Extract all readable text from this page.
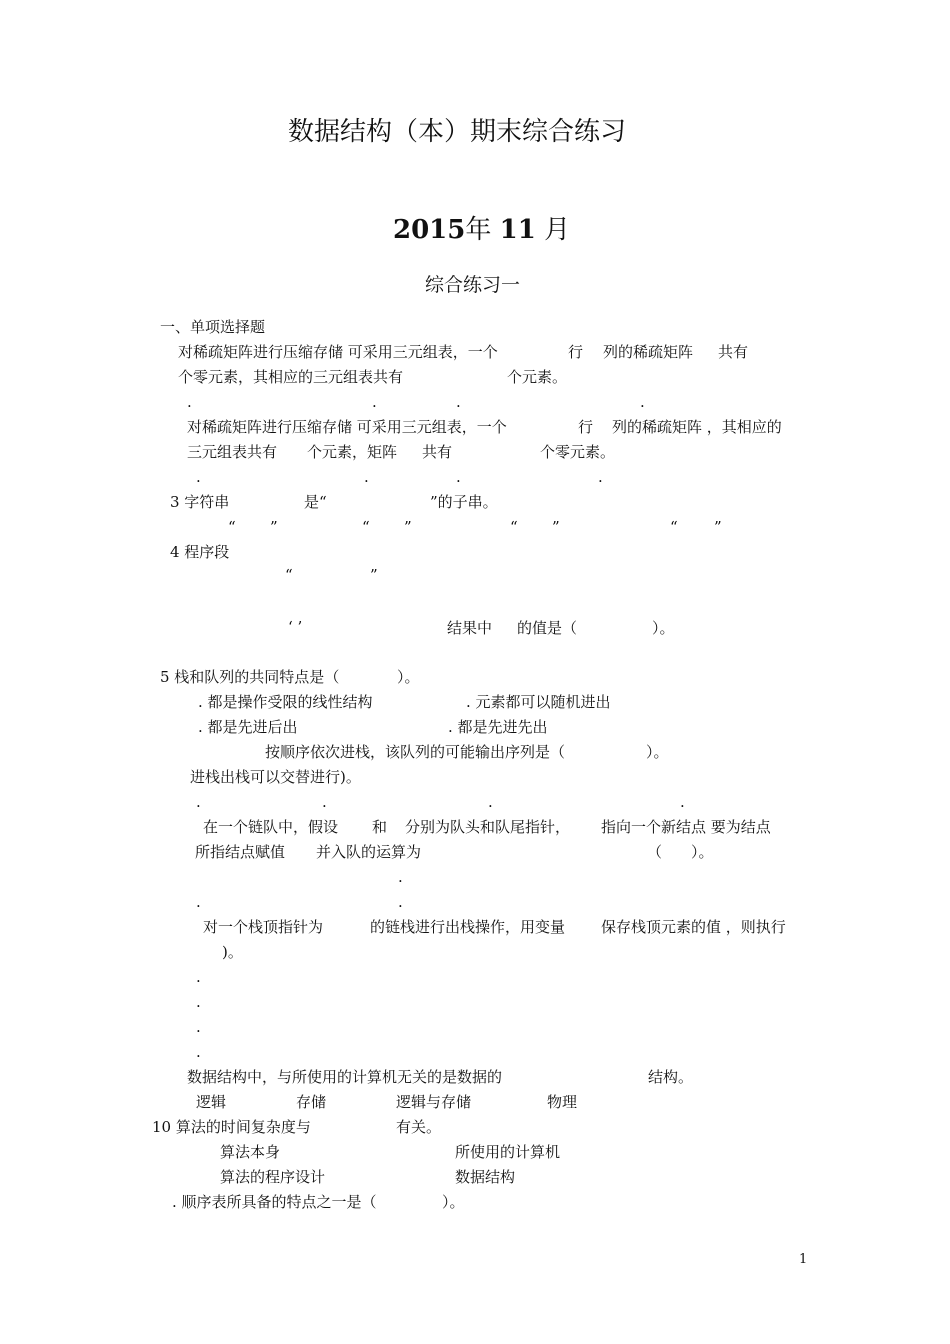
数据结构（本）期末综合练习
2015年 11 月
综合练习一
一、单项选择题
对稀疏矩阵进行压缩存储 可采用三元组表，一个	行 列的稀疏矩阵 共有
个零元素，其相应的三元组表共有	个元素。
.	.	.	.
对稀疏矩阵进行压缩存储 可采用三元组表，一个	行 列的稀疏矩阵 ，其相应的
三元组表共有 个元素，矩阵 共有	个零元素。
.	.	.	.
3 字符串	是“	”的子串。
“ ”	“ ”	“ ”	“ ”
4 程序段
“	”
‘ ’	结果中 的值是（	）。
5 栈和队列的共同特点是（	）。
. 都是操作受限的线性结构	. 元素都可以随机进出
. 都是先进后出	. 都是先进先出
按顺序依次进栈，该队列的可能输出序列是（	）。
进栈出栈可以交替进行)。
.	.	.	.
在一个链队中，假设 和 分别为队头和队尾指针， 指向一个新结点 要为结点
所指结点赋值 并入队的运算为	（ ）。
.
.	.
对一个栈顶指针为	的链栈进行出栈操作，用变量 保存栈顶元素的值 ，则执行
)。
.
.
.
.
数据结构中，与所使用的计算机无关的是数据的	结构。
逻辑	存储	逻辑与存储	物理
10 算法的时间复杂度与	有关。
算法本身	所使用的计算机
算法的程序设计	数据结构
. 顺序表所具备的特点之一是（	）。
1
